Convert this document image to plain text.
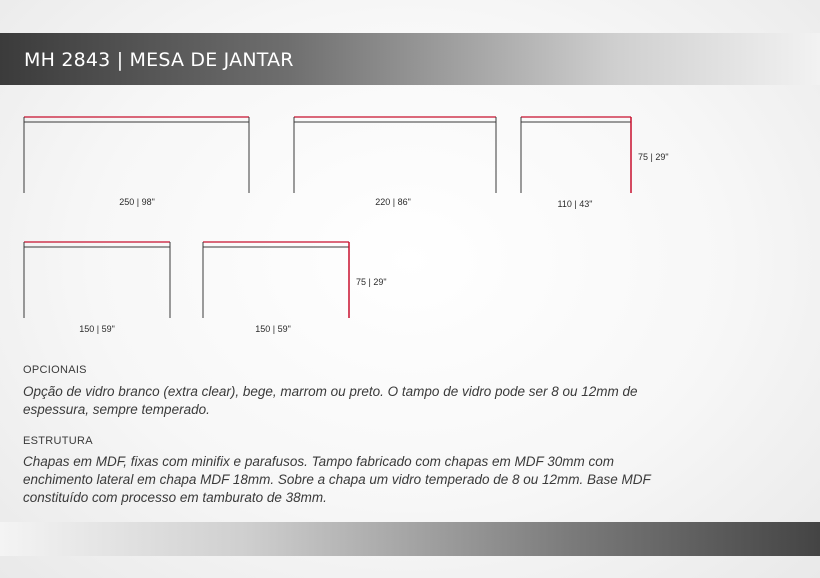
MH 2843 | MESA DE JANTAR
250 | 98"	220 | 86"	110 | 43"
75 | 29"
150 | 59"	150 | 59"
75 | 29"
OPCIONAIS
Opção de vidro branco (extra clear), bege, marrom ou preto. O tampo de vidro pode ser 8 ou 12mm de espessura, sempre temperado.
ESTRUTURA
Chapas em MDF, fixas com minifix e parafusos. Tampo fabricado com chapas em MDF 30mm com enchimento lateral em chapa MDF 18mm. Sobre a chapa um vidro temperado de 8 ou 12mm. Base MDF constituído com processo em tamburato de 38mm.
